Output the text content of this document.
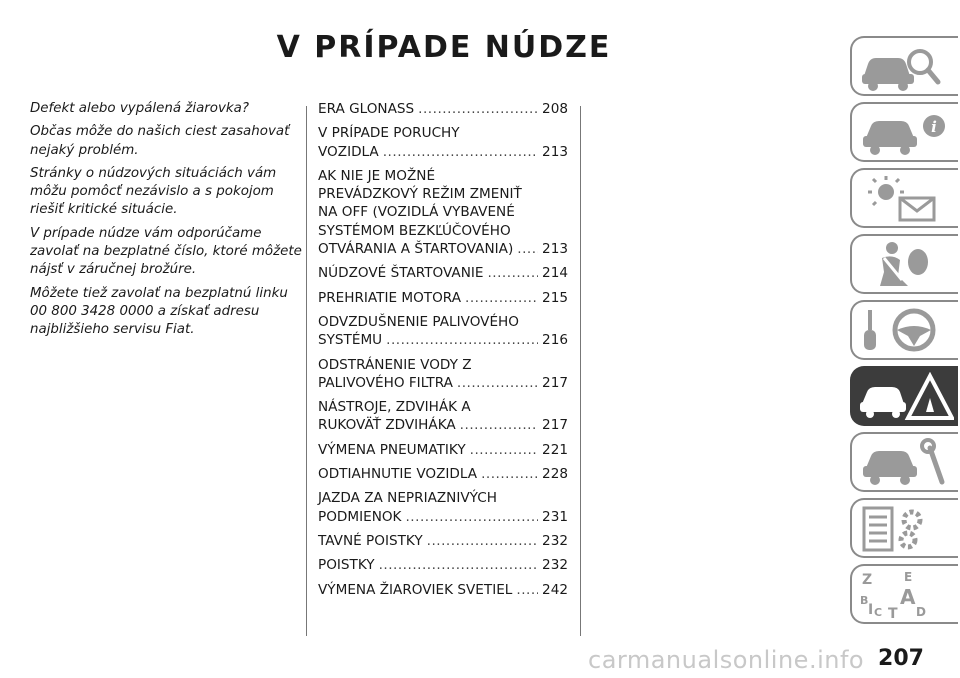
V PRÍPADE NÚDZE

Defekt alebo vypálená žiarovka?

Občas môže do našich ciest zasahovať nejaký problém.

Stránky o núdzových situáciách vám môžu pomôcť nezávislo a s pokojom riešiť kritické situácie.

V prípade núdze vám odporúčame zavolať na bezplatné číslo, ktoré môžete nájsť v záručnej brožúre.

Môžete tiež zavolať na bezplatnú linku 00 800 3428 0000 a získať adresu najbližšieho servisu Fiat.

ERA GLONASS .....	208
V PRÍPADE PORUCHY
VOZIDLA .....	213
AK NIE JE MOŽNÉ
PREVÁDZKOVÝ REŽIM ZMENIŤ
NA OFF (VOZIDLÁ VYBAVENÉ
SYSTÉMOM BEZKĽÚČOVÉHO
OTVÁRANIA A ŠTARTOVANIA) ..... 213
NÚDZOVÉ ŠTARTOVANIE .....	214
PREHRIATIE MOTORA .....	215
ODVZDUŠNENIE PALIVOVÉHO
SYSTÉMU .....	216
ODSTRÁNENIE VODY Z
PALIVOVÉHO FILTRA .....	217
NÁSTROJE, ZDVIHÁK A
RUKOVÄŤ ZDVIHÁKA .....	217
VÝMENA PNEUMATIKY .....	221
ODTIAHNUTIE VOZIDLA .....	228
JAZDA ZA NEPRIAZNIVÝCH
PODMIENOK .....	231
TAVNÉ POISTKY .....	232
POISTKY .....	232
VÝMENA ŽIAROVIEK SVETIEL ..... 242
i
Z	E
B A
C T D
I
carmanualsonline.info 207
